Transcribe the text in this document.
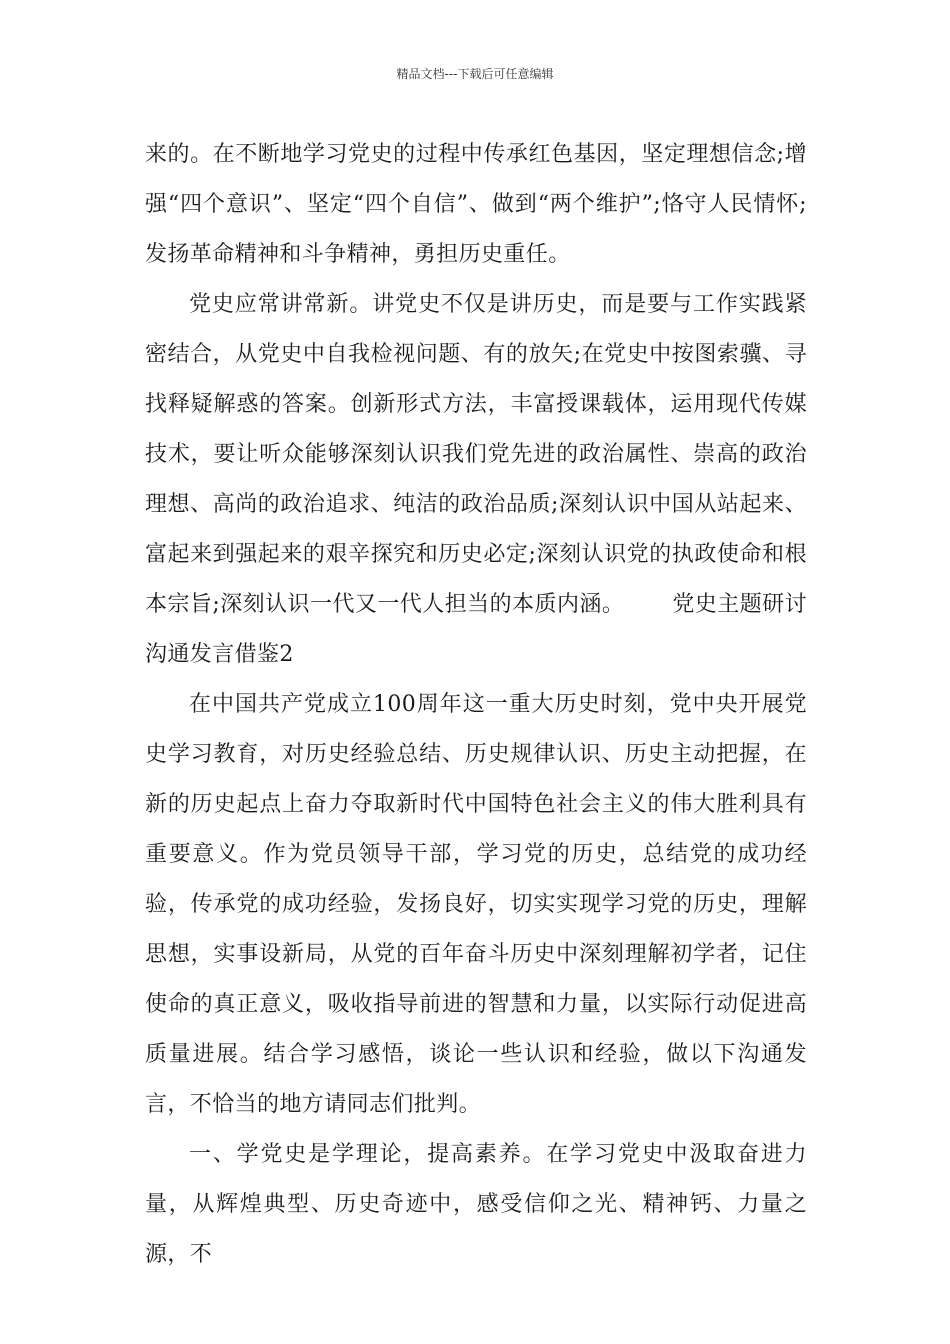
精品文档---下载后可任意编辑

来的。在不断地学习党史的过程中传承红色基因，坚定理想信念;增强“四个意识”、坚定“四个自信”、做到“两个维护”;恪守人民情怀;发扬革命精神和斗争精神，勇担历史重任。

党史应常讲常新。讲党史不仅是讲历史，而是要与工作实践紧密结合，从党史中自我检视问题、有的放矢;在党史中按图索骥、寻找释疑解惑的答案。创新形式方法，丰富授课载体，运用现代传媒技术，要让听众能够深刻认识我们党先进的政治属性、崇高的政治理想、高尚的政治追求、纯洁的政治品质;深刻认识中国从站起来、富起来到强起来的艰辛探究和历史必定;深刻认识党的执政使命和根本宗旨;深刻认识一代又一代人担当的本质内涵。 党史主题研讨沟通发言借鉴2

在中国共产党成立100周年这一重大历史时刻，党中央开展党史学习教育，对历史经验总结、历史规律认识、历史主动把握，在新的历史起点上奋力夺取新时代中国特色社会主义的伟大胜利具有重要意义。作为党员领导干部，学习党的历史，总结党的成功经验，传承党的成功经验，发扬良好，切实实现学习党的历史，理解思想，实事设新局，从党的百年奋斗历史中深刻理解初学者，记住使命的真正意义，吸收指导前进的智慧和力量，以实际行动促进高质量进展。结合学习感悟，谈论一些认识和经验，做以下沟通发言，不恰当的地方请同志们批判。

一、学党史是学理论，提高素养。在学习党史中汲取奋进力量，从辉煌典型、历史奇迹中，感受信仰之光、精神钙、力量之源，不
